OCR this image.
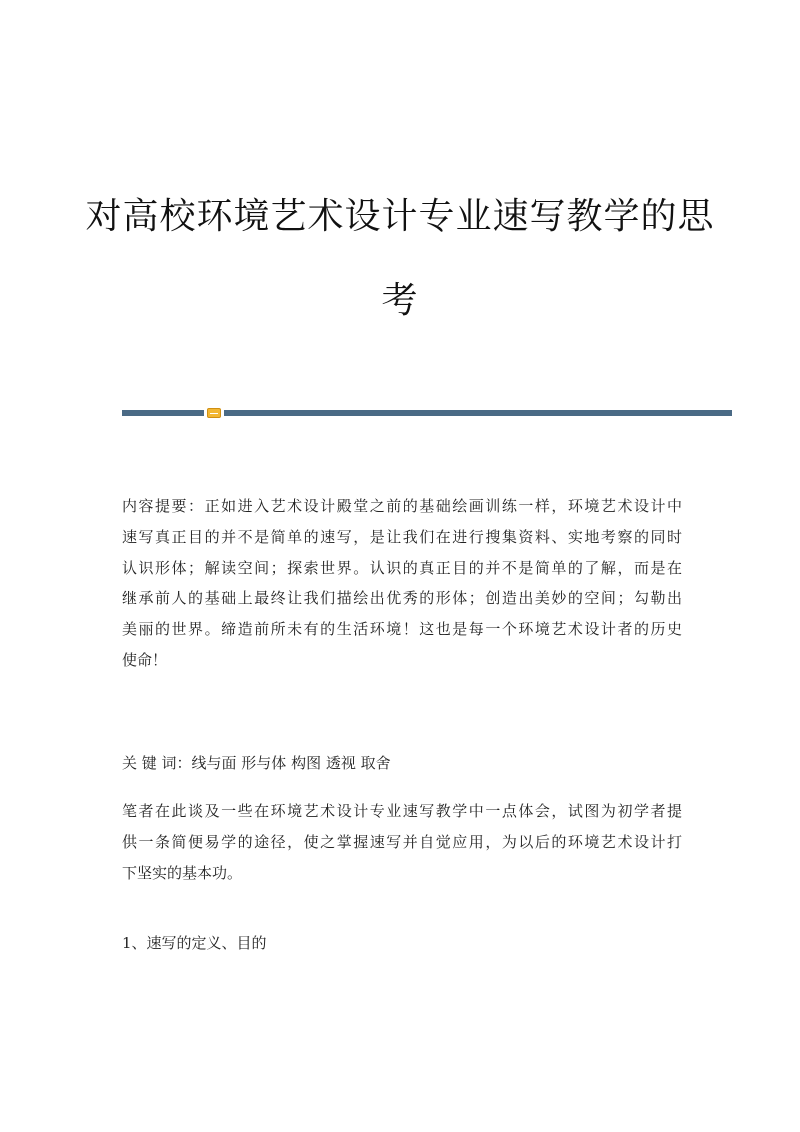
对高校环境艺术设计专业速写教学的思
考
内容提要：正如进入艺术设计殿堂之前的基础绘画训练一样，环境艺术设计中
速写真正目的并不是简单的速写，是让我们在进行搜集资料、实地考察的同时
认识形体；解读空间；探索世界。认识的真正目的并不是简单的了解，而是在
继承前人的基础上最终让我们描绘出优秀的形体；创造出美妙的空间；勾勒出
美丽的世界。缔造前所未有的生活环境！这也是每一个环境艺术设计者的历史
使命！
关 键 词：线与面 形与体 构图 透视 取舍
笔者在此谈及一些在环境艺术设计专业速写教学中一点体会，试图为初学者提
供一条简便易学的途径，使之掌握速写并自觉应用，为以后的环境艺术设计打
下坚实的基本功。
1、速写的定义、目的
